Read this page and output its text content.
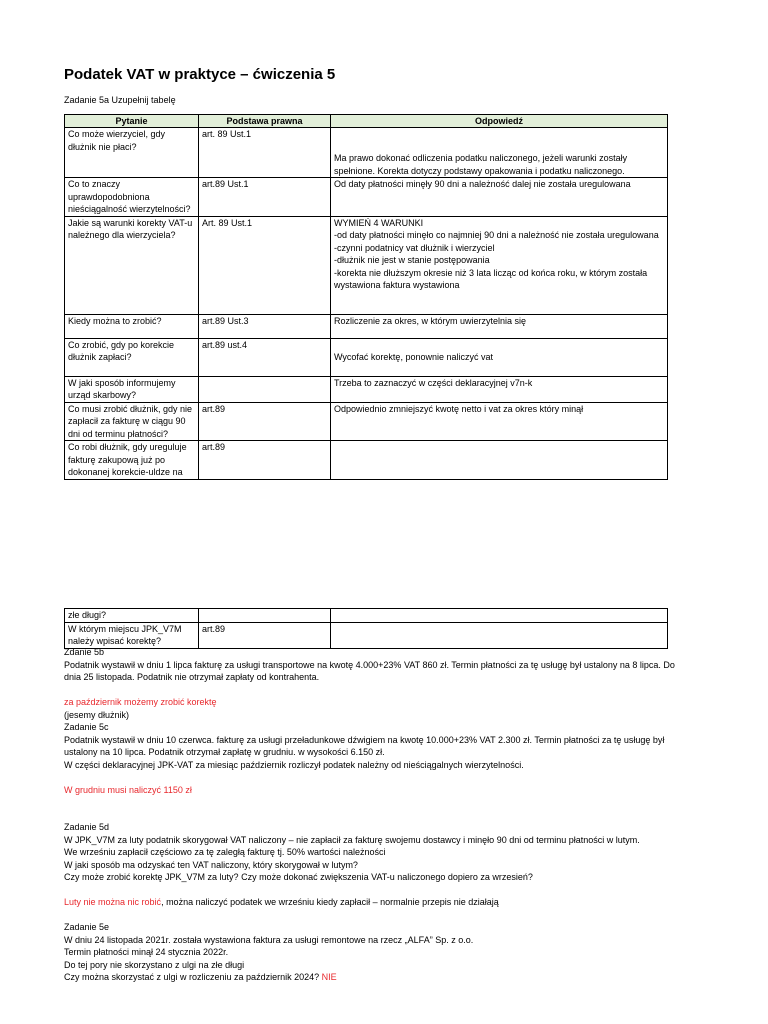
Podatek VAT w praktyce – ćwiczenia 5
Zadanie 5a Uzupełnij tabelę
Pytanie	Podstawa prawna	Odpowiedź
Co może wierzyciel, gdy dłużnik nie płaci?	art. 89 Ust.1	Ma prawo dokonać odliczenia podatku naliczonego, jeżeli warunki zostały spełnione. Korekta dotyczy podstawy opakowania i podatku naliczonego.

Co to znaczy uprawdopodobniona nieściągalność wierzytelności?	art.89 Ust.1	Od daty płatności minęły 90 dni a należność dalej nie została uregulowana
Jakie są warunki korekty VAT-u należnego dla wierzyciela?	Art. 89 Ust.1	WYMIEŃ 4 WARUNKI
-od daty płatności minęło co najmniej 90 dni a należność nie została uregulowana
-czynni podatnicy vat dłużnik i wierzyciel
-dłużnik nie jest w stanie postępowania
-korekta nie dłuższym okresie niż 3 lata licząc od końca roku, w którym została wystawiona faktura wystawiona

Kiedy można to zrobić?	art.89 Ust.3	Rozliczenie za okres, w którym uwierzytelnia się
Co zrobić, gdy po korekcie dłużnik zapłaci?	art.89 ust.4	Wycofać korektę, ponownie naliczyć vat

W jaki sposób informujemy urząd skarbowy?		Trzeba to zaznaczyć w części deklaracyjnej v7n-k
Co musi zrobić dłużnik, gdy nie zapłacił za fakturę w ciągu 90 dni od terminu płatności?	art.89	Odpowiednio zmniejszyć kwotę netto i vat za okres który minął
Co robi dłużnik, gdy ureguluje fakturę zakupową już po dokonanej korekcie-uldze na	art.89	
złe długi?		
W którym miejscu JPK_V7M należy wpisać korektę?	art.89	

Zdanie 5b

Podatnik wystawił w dniu 1 lipca fakturę za usługi transportowe na kwotę 4.000+23% VAT 860 zł. Termin płatności za tę usługę był ustalony na 8 lipca. Do dnia 25 listopada. Podatnik nie otrzymał zapłaty od kontrahenta.

za październik możemy zrobić korektę

(jesemy dłużnik)

Zadanie 5c

Podatnik wystawił w dniu 10 czerwca. fakturę za usługi przeładunkowe dźwigiem na kwotę 10.000+23% VAT 2.300 zł. Termin płatności za tę usługę był ustalony na 10 lipca. Podatnik otrzymał zapłatę w grudniu. w wysokości 6.150 zł.

W części deklaracyjnej JPK-VAT za miesiąc październik rozliczył podatek należny od nieściągalnych wierzytelności.

W grudniu musi naliczyć 1150 zł

Zadanie 5d

W JPK_V7M za luty podatnik skorygował VAT naliczony – nie zapłacił za fakturę swojemu dostawcy i minęło 90 dni od terminu płatności w lutym.

We wrześniu zapłacił częściowo za tę zaległą fakturę tj. 50% wartości należności

W jaki sposób ma odzyskać ten VAT naliczony, który skorygował w lutym?

Czy może zrobić korektę JPK_V7M za luty? Czy może dokonać zwiększenia VAT-u naliczonego dopiero za wrzesień?

Luty nie można nic robić, można naliczyć podatek we wrześniu kiedy zapłacił – normalnie przepis nie działają

Zadanie 5e

W dniu 24 listopada 2021r. została wystawiona faktura za usługi remontowe na rzecz „ALFA” Sp. z o.o.

Termin płatności minął 24 stycznia 2022r.

Do tej pory nie skorzystano z ulgi na złe długi

Czy można skorzystać z ulgi w rozliczeniu za październik 2024? NIE
